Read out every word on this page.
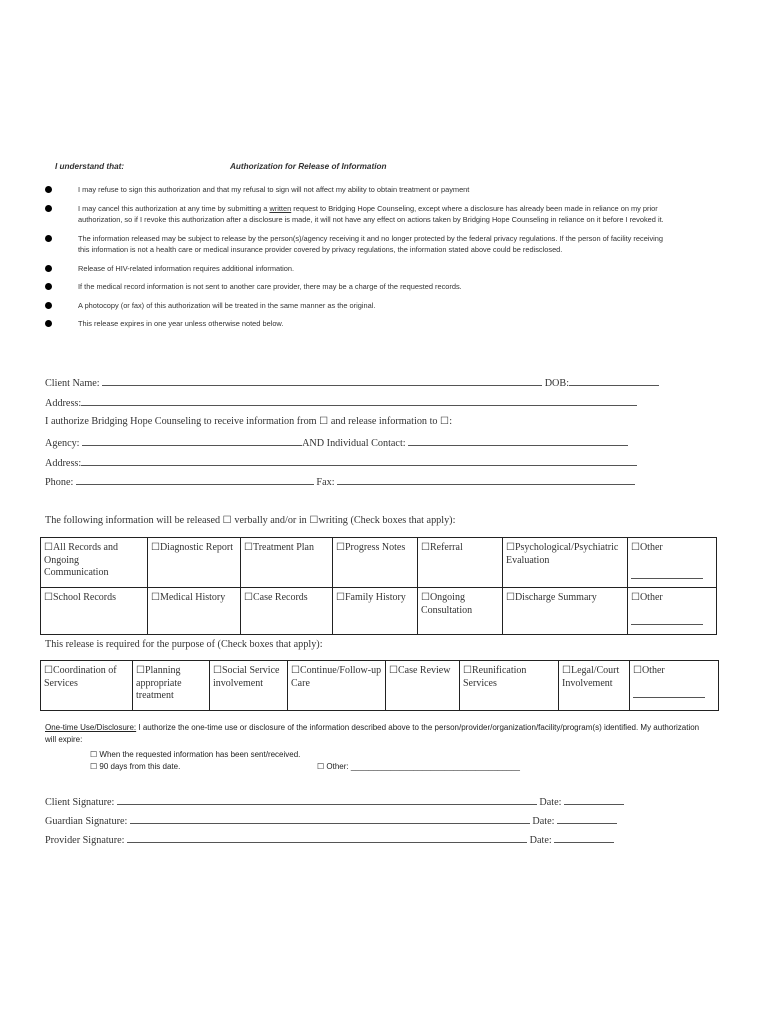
I understand that:	Authorization for Release of Information
I may refuse to sign this authorization and that my refusal to sign will not affect my ability to obtain treatment or payment
I may cancel this authorization at any time by submitting a written request to Bridging Hope Counseling, except where a disclosure has already been made in reliance on my prior authorization, so if I revoke this authorization after a disclosure is made, it will not have any effect on actions taken by Bridging Hope Counseling in reliance on it before I revoked it.
The information released may be subject to release by the person(s)/agency receiving it and no longer protected by the federal privacy regulations. If the person of facility receiving this information is not a health care or medical insurance provider covered by privacy regulations, the information stated above could be redisclosed.
Release of HIV-related information requires additional information.
If the medical record information is not sent to another care provider, there may be a charge of the requested records.
A photocopy (or fax) of this authorization will be treated in the same manner as the original.
This release expires in one year unless otherwise noted below.
Client Name:	DOB:
Address:
I authorize Bridging Hope Counseling to receive information from ☐ and release information to ☐:
Agency:	AND Individual Contact:
Address:
Phone:	Fax:
The following information will be released ☐ verbally and/or in ☐writing (Check boxes that apply):
☐All Records and Ongoing Communication	☐Diagnostic Report	☐Treatment Plan	☐Progress Notes	☐Referral	☐Psychological/Psychiatric Evaluation	☐Other

☐School Records	☐Medical History	☐Case Records	☐Family History	☐Ongoing Consultation	☐Discharge Summary	☐Other
This release is required for the purpose of (Check boxes that apply):
☐Coordination of Services	☐Planning appropriate treatment	☐Social Service involvement	☐Continue/Follow-up Care	☐Case Review	☐Reunification Services	☐Legal/Court Involvement	☐Other
One-time Use/Disclosure: I authorize the one-time use or disclosure of the information described above to the person/provider/organization/facility/program(s) identified. My authorization will expire:
☐ When the requested information has been sent/received.
☐ 90 days from this date.	☐ Other: ______________________________________
Client Signature:	Date:
Guardian Signature:	Date:
Provider Signature:	Date:
